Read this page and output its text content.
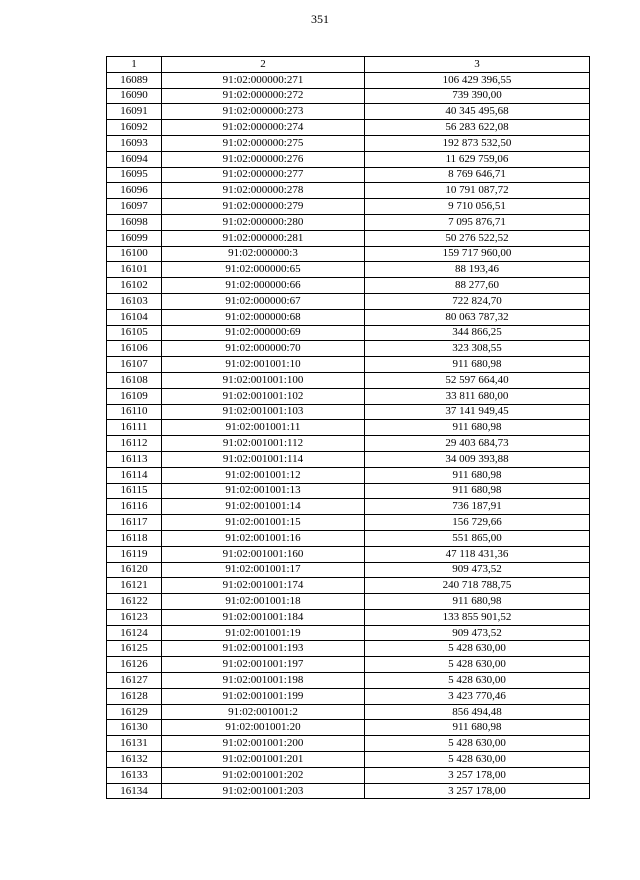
351
1	2	3
16089	91:02:000000:271	106 429 396,55
16090	91:02:000000:272	739 390,00
16091	91:02:000000:273	40 345 495,68
16092	91:02:000000:274	56 283 622,08
16093	91:02:000000:275	192 873 532,50
16094	91:02:000000:276	11 629 759,06
16095	91:02:000000:277	8 769 646,71
16096	91:02:000000:278	10 791 087,72
16097	91:02:000000:279	9 710 056,51
16098	91:02:000000:280	7 095 876,71
16099	91:02:000000:281	50 276 522,52
16100	91:02:000000:3	159 717 960,00
16101	91:02:000000:65	88 193,46
16102	91:02:000000:66	88 277,60
16103	91:02:000000:67	722 824,70
16104	91:02:000000:68	80 063 787,32
16105	91:02:000000:69	344 866,25
16106	91:02:000000:70	323 308,55
16107	91:02:001001:10	911 680,98
16108	91:02:001001:100	52 597 664,40
16109	91:02:001001:102	33 811 680,00
16110	91:02:001001:103	37 141 949,45
16111	91:02:001001:11	911 680,98
16112	91:02:001001:112	29 403 684,73
16113	91:02:001001:114	34 009 393,88
16114	91:02:001001:12	911 680,98
16115	91:02:001001:13	911 680,98
16116	91:02:001001:14	736 187,91
16117	91:02:001001:15	156 729,66
16118	91:02:001001:16	551 865,00
16119	91:02:001001:160	47 118 431,36
16120	91:02:001001:17	909 473,52
16121	91:02:001001:174	240 718 788,75
16122	91:02:001001:18	911 680,98
16123	91:02:001001:184	133 855 901,52
16124	91:02:001001:19	909 473,52
16125	91:02:001001:193	5 428 630,00
16126	91:02:001001:197	5 428 630,00
16127	91:02:001001:198	5 428 630,00
16128	91:02:001001:199	3 423 770,46
16129	91:02:001001:2	856 494,48
16130	91:02:001001:20	911 680,98
16131	91:02:001001:200	5 428 630,00
16132	91:02:001001:201	5 428 630,00
16133	91:02:001001:202	3 257 178,00
16134	91:02:001001:203	3 257 178,00
